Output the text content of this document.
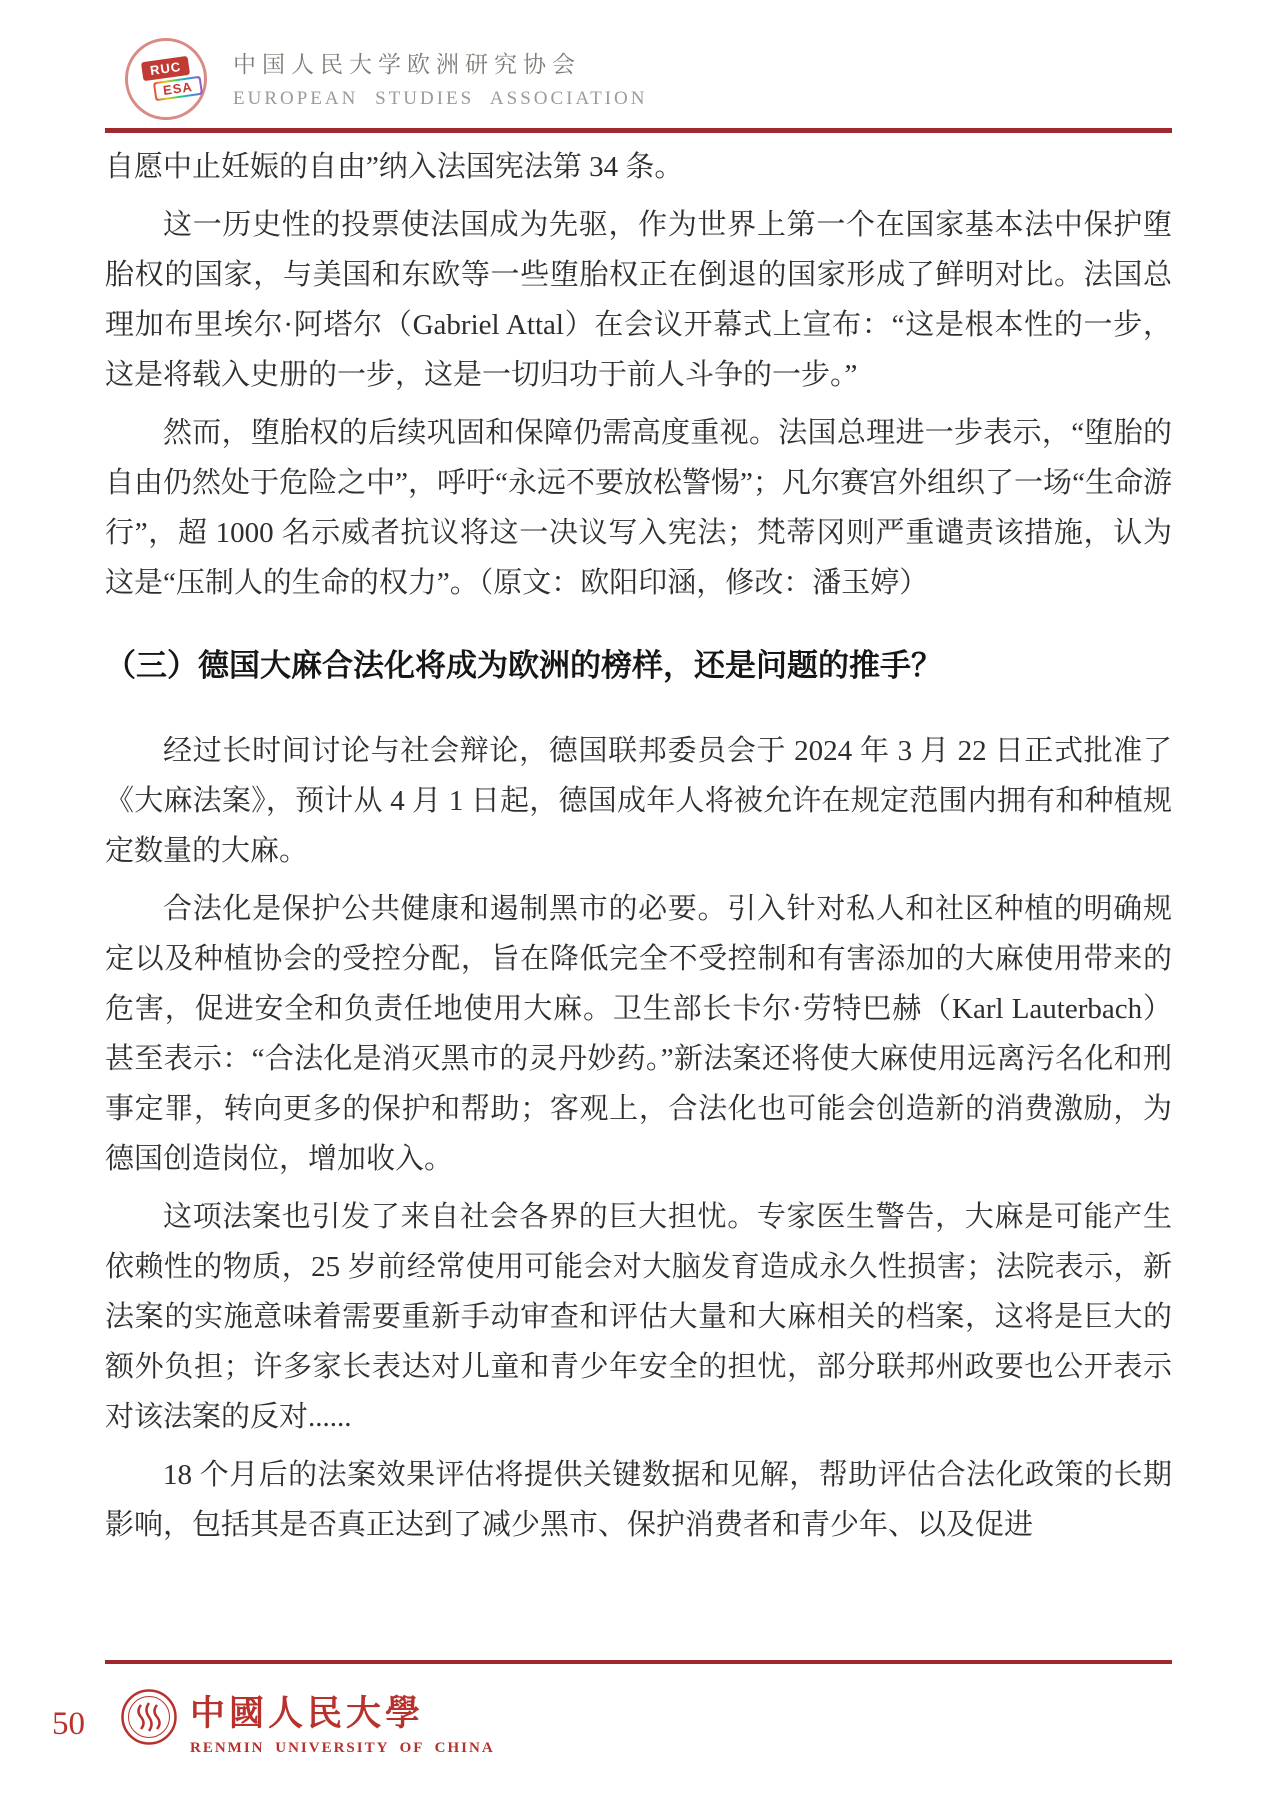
RUC
ESA
中国人民大学欧洲研究协会
EUROPEAN STUDIES ASSOCIATION

自愿中止妊娠的自由”纳入法国宪法第 34 条。

这一历史性的投票使法国成为先驱，作为世界上第一个在国家基本法中保护堕胎权的国家，与美国和东欧等一些堕胎权正在倒退的国家形成了鲜明对比。法国总理加布里埃尔·阿塔尔（Gabriel Attal）在会议开幕式上宣布：“这是根本性的一步，这是将载入史册的一步，这是一切归功于前人斗争的一步。”

然而，堕胎权的后续巩固和保障仍需高度重视。法国总理进一步表示，“堕胎的自由仍然处于危险之中”，呼吁“永远不要放松警惕”；凡尔赛宫外组织了一场“生命游行”，超 1000 名示威者抗议将这一决议写入宪法；梵蒂冈则严重谴责该措施，认为这是“压制人的生命的权力”。（原文：欧阳印涵，修改：潘玉婷）

（三）德国大麻合法化将成为欧洲的榜样，还是问题的推手？

经过长时间讨论与社会辩论，德国联邦委员会于 2024 年 3 月 22 日正式批准了《大麻法案》，预计从 4 月 1 日起，德国成年人将被允许在规定范围内拥有和种植规定数量的大麻。

合法化是保护公共健康和遏制黑市的必要。引入针对私人和社区种植的明确规定以及种植协会的受控分配，旨在降低完全不受控制和有害添加的大麻使用带来的危害，促进安全和负责任地使用大麻。卫生部长卡尔·劳特巴赫（Karl Lauterbach）甚至表示：“合法化是消灭黑市的灵丹妙药。”新法案还将使大麻使用远离污名化和刑事定罪，转向更多的保护和帮助；客观上，合法化也可能会创造新的消费激励，为德国创造岗位，增加收入。

这项法案也引发了来自社会各界的巨大担忧。专家医生警告，大麻是可能产生依赖性的物质，25 岁前经常使用可能会对大脑发育造成永久性损害；法院表示，新法案的实施意味着需要重新手动审查和评估大量和大麻相关的档案，这将是巨大的额外负担；许多家长表达对儿童和青少年安全的担忧，部分联邦州政要也公开表示对该法案的反对......

18 个月后的法案效果评估将提供关键数据和见解，帮助评估合法化政策的长期影响，包括其是否真正达到了减少黑市、保护消费者和青少年、以及促进

50	中國人民大學
RENMIN UNIVERSITY OF CHINA
